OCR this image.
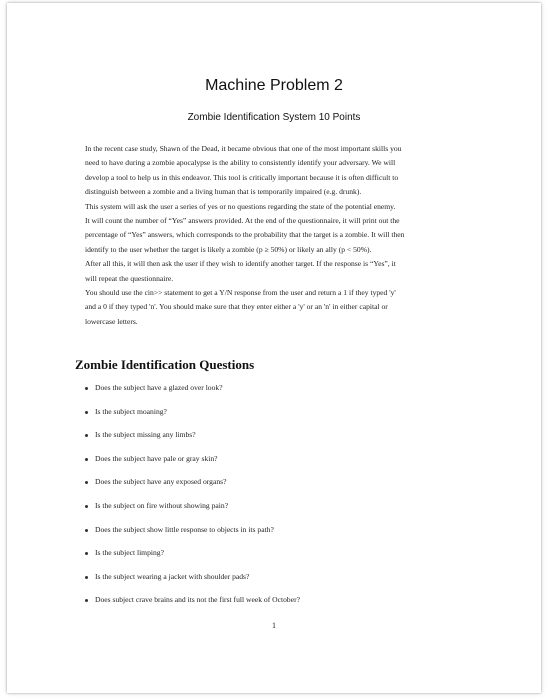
Machine Problem 2
Zombie Identification System 10 Points

In the recent case study, Shawn of the Dead, it became obvious that one of the most important skills you
need to have during a zombie apocalypse is the ability to consistently identify your adversary. We will
develop a tool to help us in this endeavor. This tool is critically important because it is often difficult to
distinguish between a zombie and a living human that is temporarily impaired (e.g. drunk).

This system will ask the user a series of yes or no questions regarding the state of the potential enemy.
It will count the number of “Yes” answers provided. At the end of the questionnaire, it will print out the
percentage of “Yes” answers, which corresponds to the probability that the target is a zombie. It will then
identify to the user whether the target is likely a zombie (p ≥ 50%) or likely an ally (p < 50%).

After all this, it will then ask the user if they wish to identify another target. If the response is “Yes”, it
will repeat the questionnaire.

You should use the cin>> statement to get a Y/N response from the user and return a 1 if they typed 'y'
and a 0 if they typed 'n'. You should make sure that they enter either a 'y' or an 'n' in either capital or
lowercase letters.

Zombie Identification Questions
Does the subject have a glazed over look?
Is the subject moaning?
Is the subject missing any limbs?
Does the subject have pale or gray skin?
Does the subject have any exposed organs?
Is the subject on fire without showing pain?
Does the subject show little response to objects in its path?
Is the subject limping?
Is the subject wearing a jacket with shoulder pads?
Does subject crave brains and its not the first full week of October?
1
